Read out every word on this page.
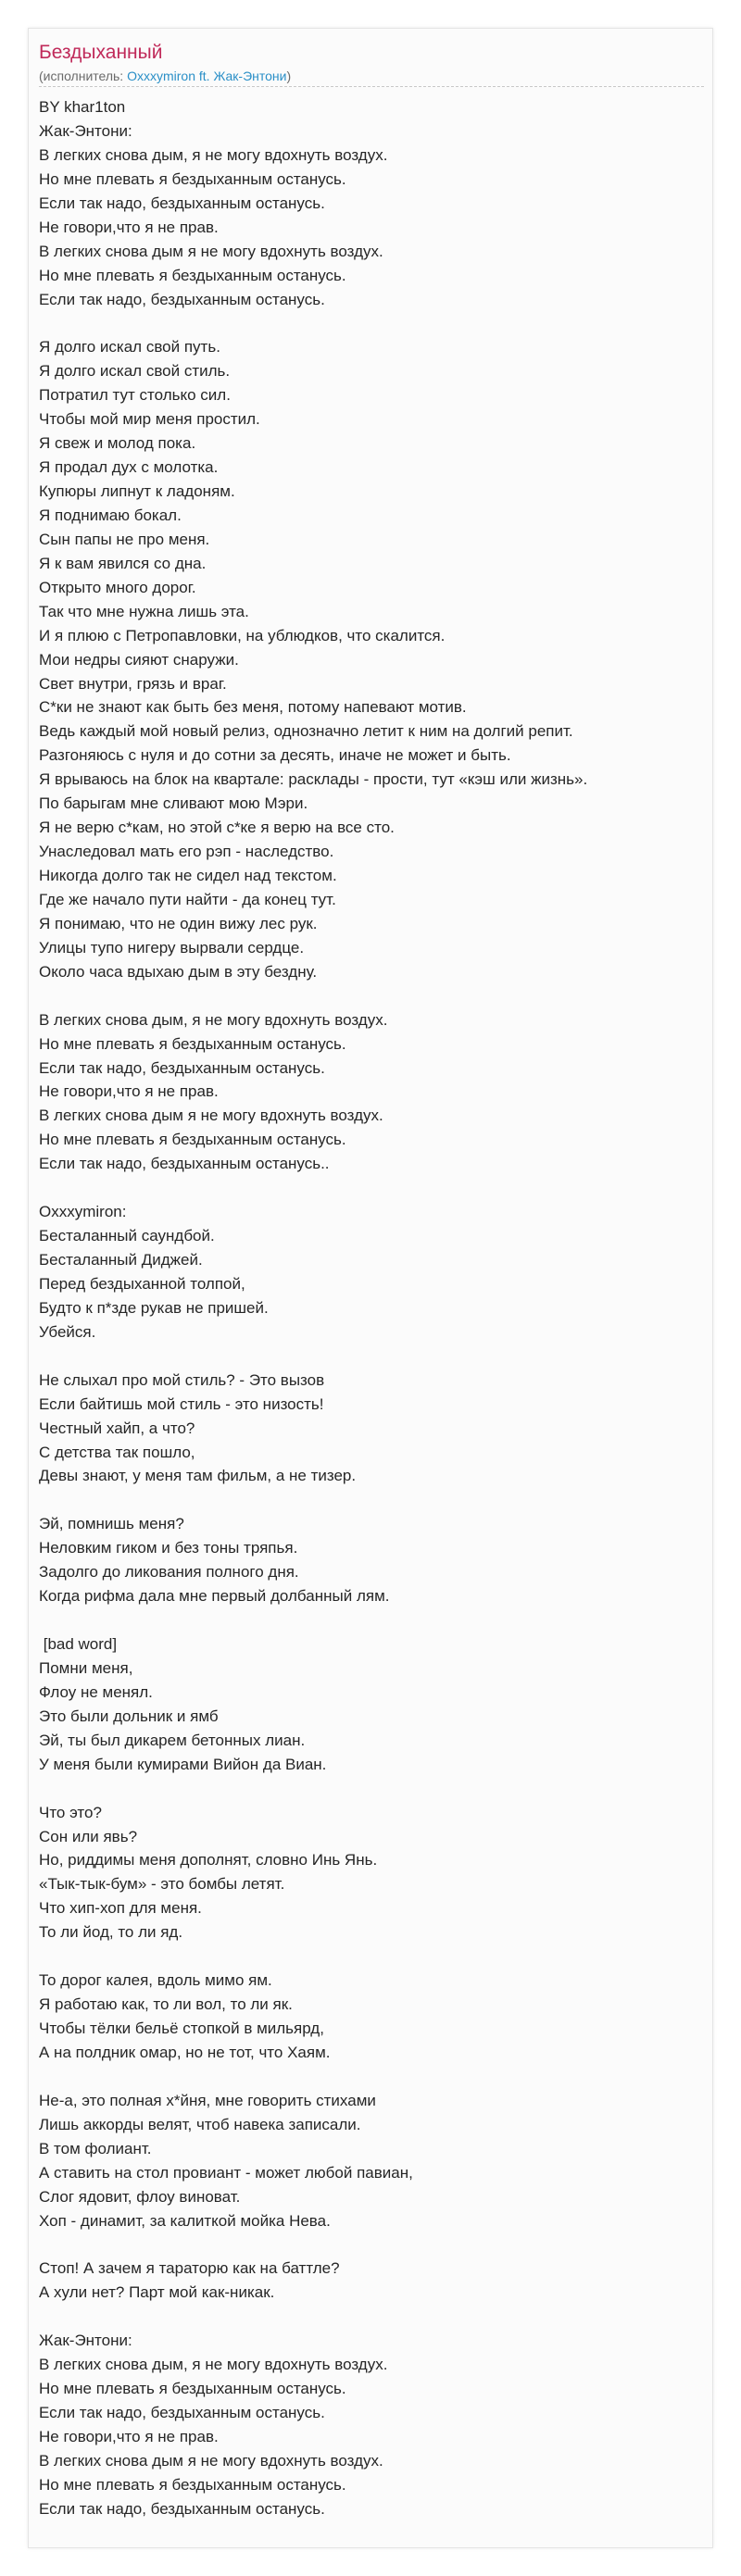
Бездыханный
(исполнитель: Oxxxymiron ft. Жак-Энтони)
BY khar1ton
Жак-Энтони:
В легких снова дым, я не могу вдохнуть воздух.
Но мне плевать я бездыханным останусь.
Если так надо, бездыханным останусь.
Не говори,что я не прав.
В легких снова дым я не могу вдохнуть воздух.
Но мне плевать я бездыханным останусь.
Если так надо, бездыханным останусь.
Я долго искал свой путь.
Я долго искал свой стиль.
Потратил тут столько сил.
Чтобы мой мир меня простил.
Я свеж и молод пока.
Я продал дух с молотка.
Купюры липнут к ладоням.
Я поднимаю бокал.
Сын папы не про меня.
Я к вам явился со дна.
Открыто много дорог.
Так что мне нужна лишь эта.
И я плюю с Петропавловки, на ублюдков, что скалится.
Мои недры сияют снаружи.
Свет внутри, грязь и враг.
С*ки не знают как быть без меня, потому напевают мотив.
Ведь каждый мой новый релиз, однозначно летит к ним на долгий репит.
Разгоняюсь с нуля и до сотни за десять, иначе не может и быть.
Я врываюсь на блок на квартале: расклады - прости, тут «кэш или жизнь».
По барыгам мне сливают мою Мэри.
Я не верю с*кам, но этой с*ке я верю на все сто.
Унаследовал мать его рэп - наследство.
Никогда долго так не сидел над текстом.
Где же начало пути найти - да конец тут.
Я понимаю, что не один вижу лес рук.
Улицы тупо нигеру вырвали сердце.
Около часа вдыхаю дым в эту бездну.
В легких снова дым, я не могу вдохнуть воздух.
Но мне плевать я бездыханным останусь.
Если так надо, бездыханным останусь.
Не говори,что я не прав.
В легких снова дым я не могу вдохнуть воздух.
Но мне плевать я бездыханным останусь.
Если так надо, бездыханным останусь..
Oxxxymiron:
Бесталанный саундбой.
Бесталанный Диджей.
Перед бездыханной толпой,
Будто к п*зде рукав не пришей.
Убейся.
Не слыхал про мой стиль? - Это вызов
Если байтишь мой стиль - это низость!
Честный хайп, а что?
С детства так пошло,
Девы знают, у меня там фильм, а не тизер.
Эй, помнишь меня?
Неловким гиком и без тоны тряпья.
Задолго до ликования полного дня.
Когда рифма дала мне первый долбанный лям.
[bad word]
Помни меня,
Флоу не менял.
Это были дольник и ямб
Эй, ты был дикарем бетонных лиан.
У меня были кумирами Вийон да Виан.
Что это?
Сон или явь?
Но, риддимы меня дополнят, словно Инь Янь.
«Тык-тык-бум» - это бомбы летят.
Что хип-хоп для меня.
То ли йод, то ли яд.
То дорог калея, вдоль мимо ям.
Я работаю как, то ли вол, то ли як.
Чтобы тёлки бельё стопкой в мильярд,
А на полдник омар, но не тот, что Хаям.
Не-а, это полная х*йня, мне говорить стихами
Лишь аккорды велят, чтоб навека записали.
В том фолиант.
А ставить на стол провиант - может любой павиан,
Слог ядовит, флоу виноват.
Хоп - динамит, за калиткой мойка Нева.
Стоп! А зачем я тараторю как на баттле?
А хули нет? Парт мой как-никак.
Жак-Энтони:
В легких снова дым, я не могу вдохнуть воздух.
Но мне плевать я бездыханным останусь.
Если так надо, бездыханным останусь.
Не говори,что я не прав.
В легких снова дым я не могу вдохнуть воздух.
Но мне плевать я бездыханным останусь.
Если так надо, бездыханным останусь.
